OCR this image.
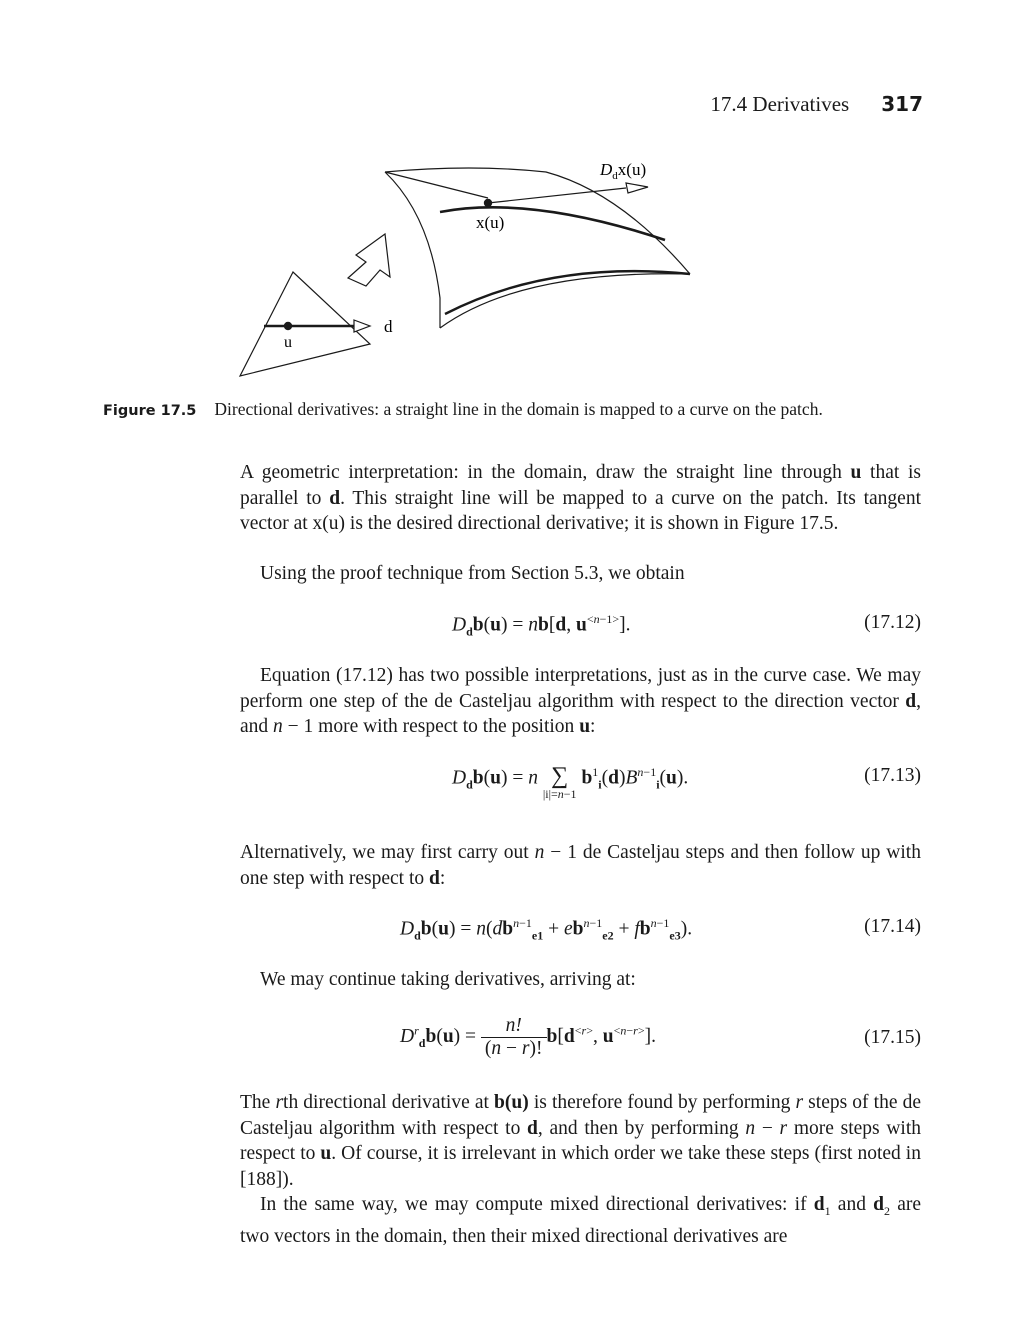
17.4 Derivatives 317
$D_dx(u)$
x(u)
d
u
Figure 17.5 Directional derivatives: a straight line in the domain is mapped to a curve on the patch.
A geometric interpretation: in the domain, draw the straight line through u that is parallel to d. This straight line will be mapped to a curve on the patch. Its tangent vector at x(u) is the desired directional derivative; it is shown in Figure 17.5.
Using the proof technique from Section 5.3, we obtain
$D_db(u) = nb[d$, $u^{<n-1>}$].	(17.12)
Equation (17.12) has two possible interpretations, just as in the curve case. We may perform one step of the de Casteljau algorithm with respect to the direction vector d, and n − 1 more with respect to the position u:
$D_db(u) = n$ ∑
|i|=n−1
$b^1_i(d)B^{n-1}_i(u)$.	(17.13)
Alternatively, we may first carry out n − 1 de Casteljau steps and then follow up with one step with respect to d:
$D_db(u) = n(db^{n-1}_{e1} + eb^{n-1}_{e2} + fb^{n-1}_{e3})$.	(17.14)
We may continue taking derivatives, arriving at:
$D^r_db(u) = \frac{n!}{(n - r)!} b[d^{<r>}$, $u^{<n-r>}$].	(17.15)
The rth directional derivative at b(u) is therefore found by performing r steps of the de Casteljau algorithm with respect to d, and then by performing n − r more steps with respect to u. Of course, it is irrelevant in which order we take these steps (first noted in [188]).
In the same way, we may compute mixed directional derivatives: if $d_1$ and $d_2$ are two vectors in the domain, then their mixed directional derivatives are
